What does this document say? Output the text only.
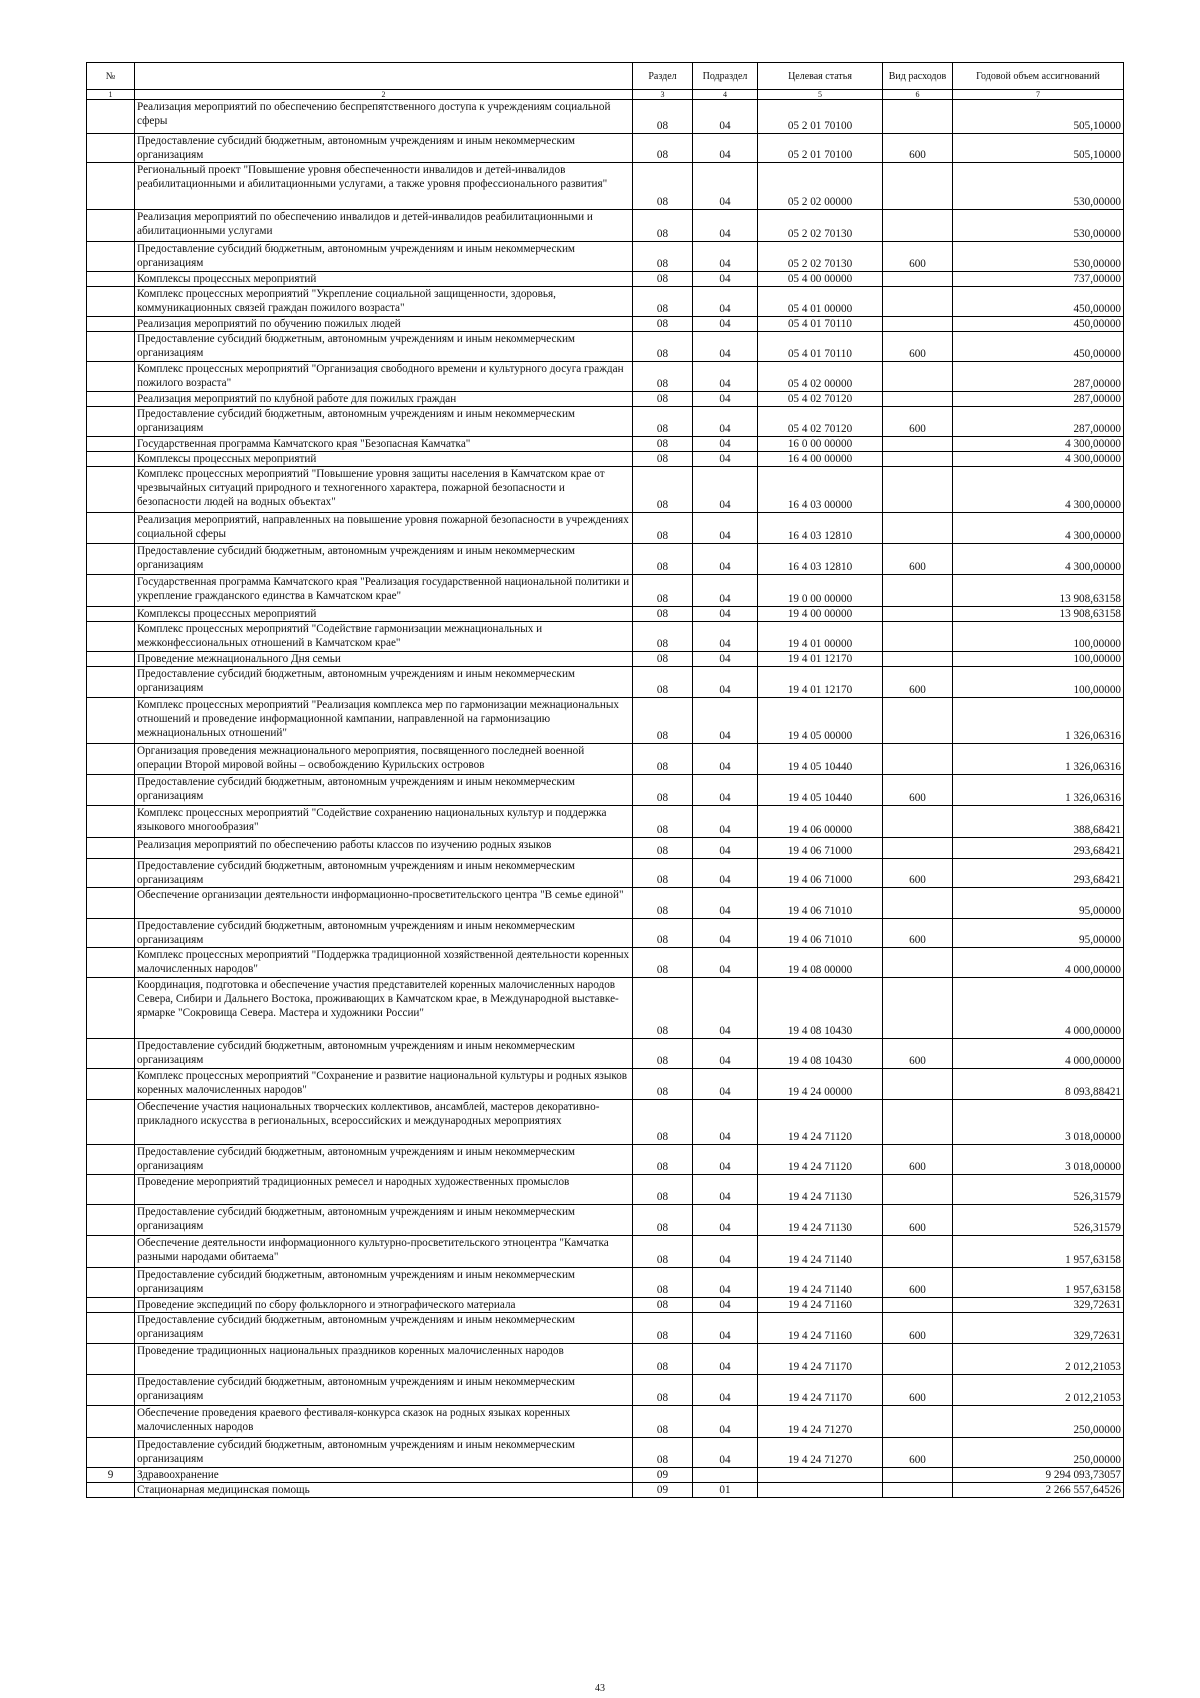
№		Раздел	Подраздел	Целевая статья	Вид расходов	Годовой объем ассигнований
1	2	3	4	5	6	7
	Реализация мероприятий по обеспечению беспрепятственного доступа к учреждениям социальной сферы	08	04	05 2 01 70100		505,10000
	Предоставление субсидий бюджетным, автономным учреждениям и иным некоммерческим организациям	08	04	05 2 01 70100	600	505,10000
	Региональный проект "Повышение уровня обеспеченности инвалидов и детей-инвалидов реабилитационными и абилитационными услугами, а также уровня профессионального развития"	08	04	05 2 02 00000		530,00000
	Реализация мероприятий по обеспечению инвалидов и детей-инвалидов реабилитационными и абилитационными услугами	08	04	05 2 02 70130		530,00000
	Предоставление субсидий бюджетным, автономным учреждениям и иным некоммерческим организациям	08	04	05 2 02 70130	600	530,00000
	Комплексы процессных мероприятий	08	04	05 4 00 00000		737,00000
	Комплекс процессных мероприятий "Укрепление социальной защищенности, здоровья, коммуникационных связей граждан пожилого возраста"	08	04	05 4 01 00000		450,00000
	Реализация мероприятий по обучению пожилых людей	08	04	05 4 01 70110		450,00000
	Предоставление субсидий бюджетным, автономным учреждениям и иным некоммерческим организациям	08	04	05 4 01 70110	600	450,00000
	Комплекс процессных мероприятий "Организация свободного времени и культурного досуга граждан пожилого возраста"	08	04	05 4 02 00000		287,00000
	Реализация мероприятий по клубной работе для пожилых граждан	08	04	05 4 02 70120		287,00000
	Предоставление субсидий бюджетным, автономным учреждениям и иным некоммерческим организациям	08	04	05 4 02 70120	600	287,00000
	Государственная программа Камчатского края "Безопасная Камчатка"	08	04	16 0 00 00000		4 300,00000
	Комплексы процессных мероприятий	08	04	16 4 00 00000		4 300,00000
	Комплекс процессных мероприятий "Повышение уровня защиты населения в Камчатском крае от чрезвычайных ситуаций природного и техногенного характера, пожарной безопасности и безопасности людей на водных объектах"	08	04	16 4 03 00000		4 300,00000
	Реализация мероприятий, направленных на повышение уровня пожарной безопасности в учреждениях социальной сферы	08	04	16 4 03 12810		4 300,00000
	Предоставление субсидий бюджетным, автономным учреждениям и иным некоммерческим организациям	08	04	16 4 03 12810	600	4 300,00000
	Государственная программа Камчатского края "Реализация государственной национальной политики и укрепление гражданского единства в Камчатском крае"	08	04	19 0 00 00000		13 908,63158
	Комплексы процессных мероприятий	08	04	19 4 00 00000		13 908,63158
	Комплекс процессных мероприятий "Содействие гармонизации межнациональных и межконфессиональных отношений в Камчатском крае"	08	04	19 4 01 00000		100,00000
	Проведение межнационального Дня семьи	08	04	19 4 01 12170		100,00000
	Предоставление субсидий бюджетным, автономным учреждениям и иным некоммерческим организациям	08	04	19 4 01 12170	600	100,00000
	Комплекс процессных мероприятий "Реализация комплекса мер по гармонизации межнациональных отношений и проведение информационной кампании, направленной на гармонизацию межнациональных отношений"	08	04	19 4 05 00000		1 326,06316
	Организация проведения межнационального мероприятия, посвященного последней военной операции Второй мировой войны – освобождению Курильских островов	08	04	19 4 05 10440		1 326,06316
	Предоставление субсидий бюджетным, автономным учреждениям и иным некоммерческим организациям	08	04	19 4 05 10440	600	1 326,06316
	Комплекс процессных мероприятий "Содействие сохранению национальных культур и поддержка языкового многообразия"	08	04	19 4 06 00000		388,68421
	Реализация мероприятий по обеспечению работы классов по изучению родных языков	08	04	19 4 06 71000		293,68421
	Предоставление субсидий бюджетным, автономным учреждениям и иным некоммерческим организациям	08	04	19 4 06 71000	600	293,68421
	Обеспечение организации деятельности информационно-просветительского центра "В семье единой"	08	04	19 4 06 71010		95,00000
	Предоставление субсидий бюджетным, автономным учреждениям и иным некоммерческим организациям	08	04	19 4 06 71010	600	95,00000
	Комплекс процессных мероприятий "Поддержка традиционной хозяйственной деятельности коренных малочисленных народов"	08	04	19 4 08 00000		4 000,00000
	Координация, подготовка и обеспечение участия представителей коренных малочисленных народов Севера, Сибири и Дальнего Востока, проживающих в Камчатском крае, в Международной выставке-ярмарке "Сокровища Севера. Мастера и художники России"	08	04	19 4 08 10430		4 000,00000
	Предоставление субсидий бюджетным, автономным учреждениям и иным некоммерческим организациям	08	04	19 4 08 10430	600	4 000,00000
	Комплекс процессных мероприятий "Сохранение и развитие национальной культуры и родных языков коренных малочисленных народов"	08	04	19 4 24 00000		8 093,88421
	Обеспечение участия национальных творческих коллективов, ансамблей, мастеров декоративно-прикладного искусства в региональных, всероссийских и международных мероприятиях	08	04	19 4 24 71120		3 018,00000
	Предоставление субсидий бюджетным, автономным учреждениям и иным некоммерческим организациям	08	04	19 4 24 71120	600	3 018,00000
	Проведение мероприятий традиционных ремесел и народных художественных промыслов	08	04	19 4 24 71130		526,31579
	Предоставление субсидий бюджетным, автономным учреждениям и иным некоммерческим организациям	08	04	19 4 24 71130	600	526,31579
	Обеспечение деятельности информационного культурно-просветительского этноцентра "Камчатка разными народами обитаема"	08	04	19 4 24 71140		1 957,63158
	Предоставление субсидий бюджетным, автономным учреждениям и иным некоммерческим организациям	08	04	19 4 24 71140	600	1 957,63158
	Проведение экспедиций по сбору фольклорного и этнографического материала	08	04	19 4 24 71160		329,72631
	Предоставление субсидий бюджетным, автономным учреждениям и иным некоммерческим организациям	08	04	19 4 24 71160	600	329,72631
	Проведение традиционных национальных праздников коренных малочисленных народов	08	04	19 4 24 71170		2 012,21053
	Предоставление субсидий бюджетным, автономным учреждениям и иным некоммерческим организациям	08	04	19 4 24 71170	600	2 012,21053
	Обеспечение проведения краевого фестиваля-конкурса сказок на родных языках коренных малочисленных народов	08	04	19 4 24 71270		250,00000
	Предоставление субсидий бюджетным, автономным учреждениям и иным некоммерческим организациям	08	04	19 4 24 71270	600	250,00000
9	Здравоохранение	09				9 294 093,73057
	Стационарная медицинская помощь	09	01			2 266 557,64526
43
